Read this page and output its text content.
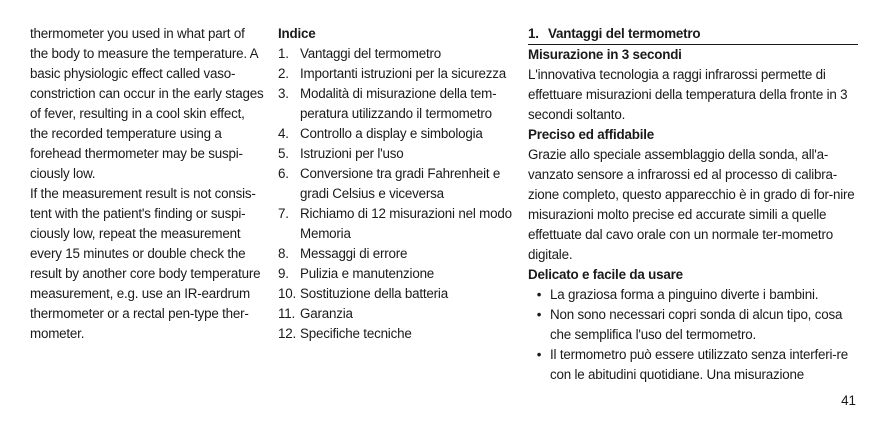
thermometer you used in what part of the body to measure the temperature. A basic physiologic effect called vaso-constriction can occur in the early stages of fever, resulting in a cool skin effect, the recorded temperature using a forehead thermometer may be suspi-ciously low.

If the measurement result is not consis-tent with the patient's finding or suspi-ciously low, repeat the measurement every 15 minutes or double check the result by another core body temperature measurement, e.g. use an IR-eardrum thermometer or a rectal pen-type ther-mometer.

Indice
1. Vantaggi del termometro
2. Importanti istruzioni per la sicurezza
3. Modalità di misurazione della tem-peratura utilizzando il termometro
4. Controllo a display e simbologia
5. Istruzioni per l'uso
6. Conversione tra gradi Fahrenheit e gradi Celsius e viceversa
7. Richiamo di 12 misurazioni nel modo Memoria
8. Messaggi di errore
9. Pulizia e manutenzione
10. Sostituzione della batteria
11. Garanzia
12. Specifiche tecniche
1. Vantaggi del termometro
Misurazione in 3 secondi

L'innovativa tecnologia a raggi infrarossi permette di effettuare misurazioni della temperatura della fronte in 3 secondi soltanto.

Preciso ed affidabile

Grazie allo speciale assemblaggio della sonda, all'a-vanzato sensore a infrarossi ed al processo di calibra-zione completo, questo apparecchio è in grado di for-nire misurazioni molto precise ed accurate simili a quelle effettuate dal cavo orale con un normale ter-mometro digitale.

Delicato e facile da usare
• La graziosa forma a pinguino diverte i bambini.
• Non sono necessari copri sonda di alcun tipo, cosa che semplifica l'uso del termometro.
• Il termometro può essere utilizzato senza interferi-re con le abitudini quotidiane. Una misurazione
41
